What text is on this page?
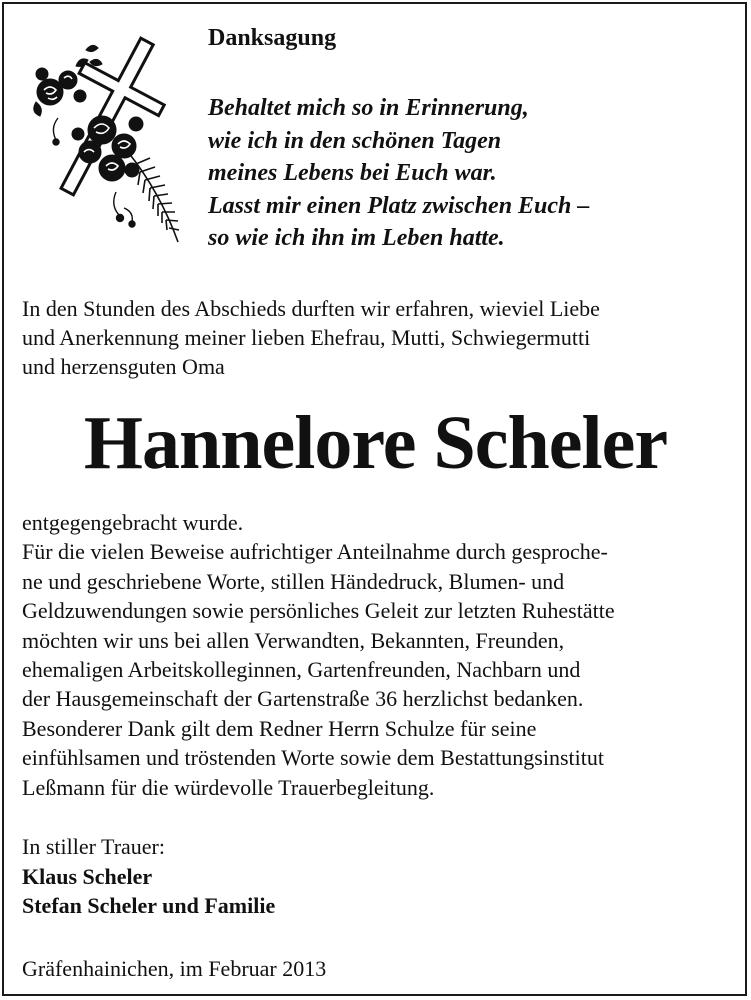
Danksagung
Behaltet mich so in Erinnerung,
wie ich in den schönen Tagen
meines Lebens bei Euch war.
Lasst mir einen Platz zwischen Euch –
so wie ich ihn im Leben hatte.
In den Stunden des Abschieds durften wir erfahren, wieviel Liebe
und Anerkennung meiner lieben Ehefrau, Mutti, Schwiegermutti
und herzensguten Oma
Hannelore Scheler
entgegengebracht wurde.
Für die vielen Beweise aufrichtiger Anteilnahme durch gesproche-
ne und geschriebene Worte, stillen Händedruck, Blumen- und
Geldzuwendungen sowie persönliches Geleit zur letzten Ruhestätte
möchten wir uns bei allen Verwandten, Bekannten, Freunden,
ehemaligen Arbeitskolleginnen, Gartenfreunden, Nachbarn und
der Hausgemeinschaft der Gartenstraße 36 herzlichst bedanken.
Besonderer Dank gilt dem Redner Herrn Schulze für seine
einfühlsamen und tröstenden Worte sowie dem Bestattungsinstitut
Leßmann für die würdevolle Trauerbegleitung.
In stiller Trauer:
Klaus Scheler
Stefan Scheler und Familie
Gräfenhainichen, im Februar 2013
